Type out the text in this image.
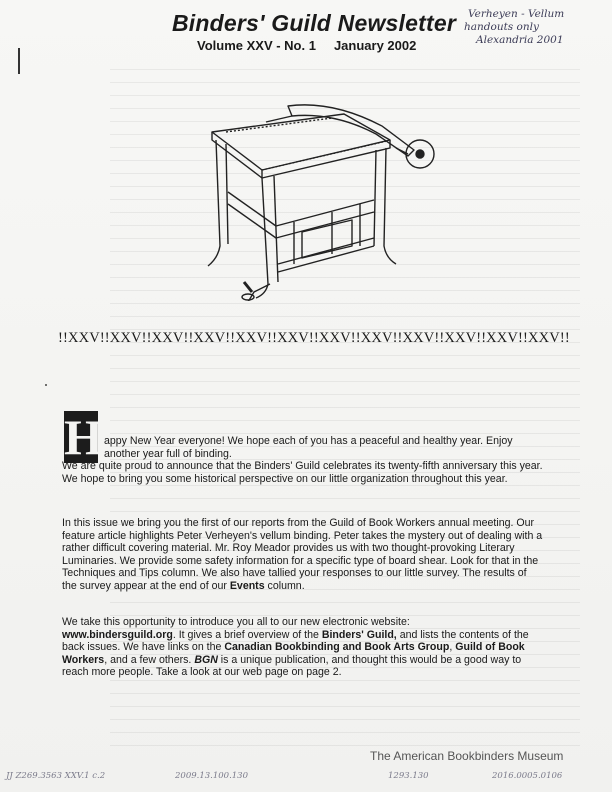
Binders' Guild Newsletter
Volume XXV - No. 1 January 2002
Verheyen - Vellum
handouts only
Alexandria 2001
!!XXV!!XXV!!XXV!!XXV!!XXV!!XXV!!XXV!!XXV!!XXV!!XXV!!XXV!!XXV!!
H appy New Year everyone! We hope each of you has a peaceful and healthy year. Enjoy another year full of binding.
We are quite proud to announce that the Binders' Guild celebrates its twenty-fifth anniversary this year. We hope to bring you some historical perspective on our little organization throughout this year.
In this issue we bring you the first of our reports from the Guild of Book Workers annual meeting. Our feature article highlights Peter Verheyen's vellum binding. Peter takes the mystery out of dealing with a rather difficult covering material. Mr. Roy Meador provides us with two thought-provoking Literary Luminaries. We provide some safety information for a specific type of board shear. Look for that in the Techniques and Tips column. We also have tallied your responses to our little survey. The results of the survey appear at the end of our Events column.
We take this opportunity to introduce you all to our new electronic website:
www.bindersguild.org. It gives a brief overview of the Binders' Guild, and lists the contents of the back issues. We have links on the Canadian Bookbinding and Book Arts Group, Guild of Book Workers, and a few others. BGN is a unique publication, and thought this would be a good way to reach more people. Take a look at our web page on page 2.
The American Bookbinders Museum
JJ Z269.3563 XXV.1 c.2	2009.13.100.130	1293.130	2016.0005.0106
